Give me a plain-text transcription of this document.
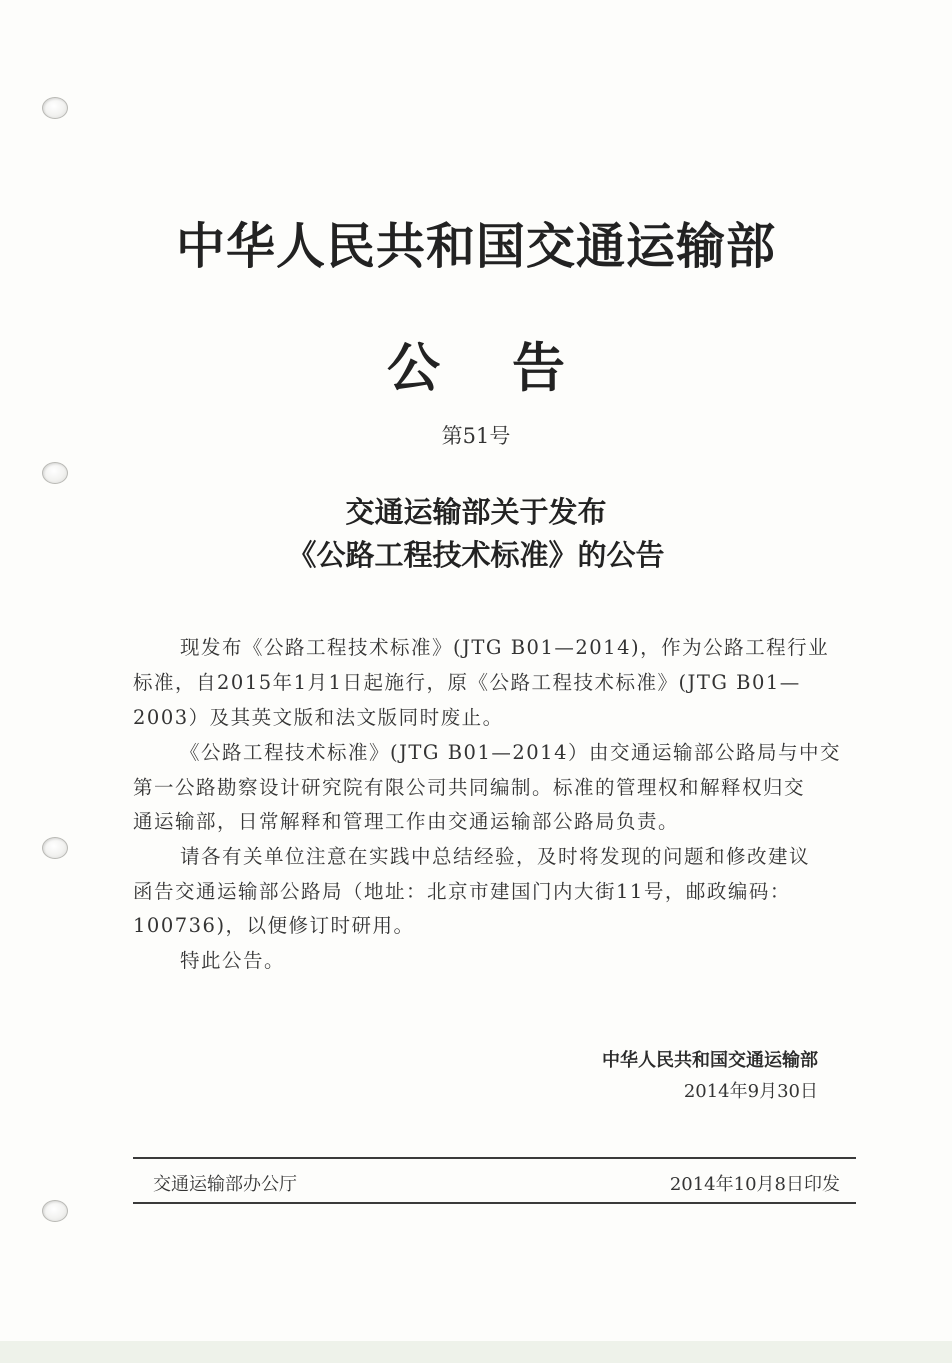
中华人民共和国交通运输部
公告
第51号
交通运输部关于发布
《公路工程技术标准》的公告
现发布《公路工程技术标准》(JTG B01—2014)，作为公路工程行业
标准，自2015年1月1日起施行，原《公路工程技术标准》(JTG B01—
2003）及其英文版和法文版同时废止。
《公路工程技术标准》(JTG B01—2014）由交通运输部公路局与中交
第一公路勘察设计研究院有限公司共同编制。标准的管理权和解释权归交
通运输部，日常解释和管理工作由交通运输部公路局负责。
请各有关单位注意在实践中总结经验，及时将发现的问题和修改建议
函告交通运输部公路局（地址：北京市建国门内大街11号，邮政编码：
100736)，以便修订时研用。
特此公告。
中华人民共和国交通运输部
2014年9月30日
交通运输部办公厅	2014年10月8日印发
